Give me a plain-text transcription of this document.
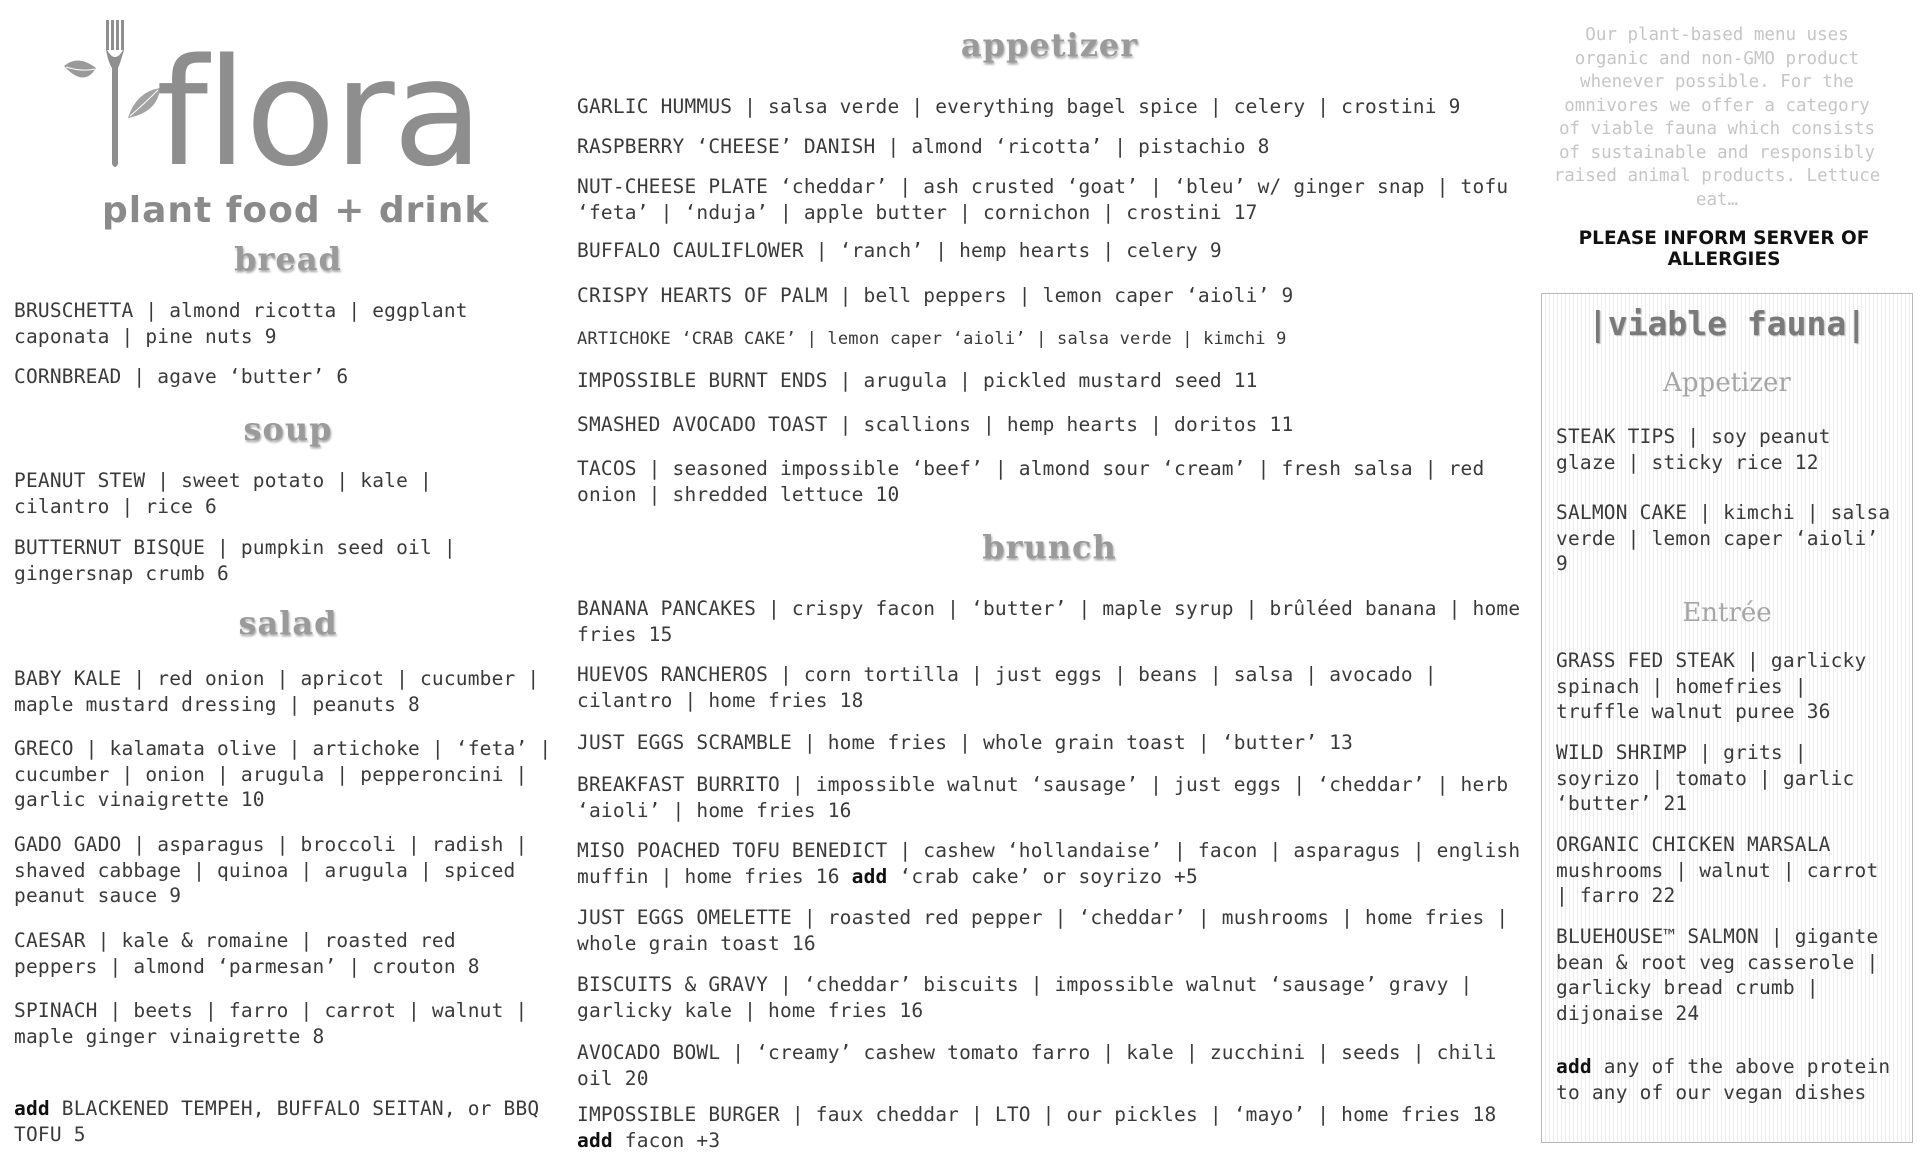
flora
plant food + drink
bread
BRUSCHETTA | almond ricotta | eggplant caponata | pine nuts 9
CORNBREAD | agave ‘butter’ 6
soup
PEANUT STEW | sweet potato | kale | cilantro | rice 6
BUTTERNUT BISQUE | pumpkin seed oil | gingersnap crumb 6
salad
BABY KALE | red onion | apricot | cucumber | maple mustard dressing | peanuts 8
GRECO | kalamata olive | artichoke | ‘feta’ | cucumber | onion | arugula | pepperoncini | garlic vinaigrette 10
GADO GADO | asparagus | broccoli | radish | shaved cabbage | quinoa | arugula | spiced peanut sauce 9
CAESAR | kale & romaine | roasted red peppers | almond ‘parmesan’ | crouton 8
SPINACH | beets | farro | carrot | walnut | maple ginger vinaigrette 8
add BLACKENED TEMPEH, BUFFALO SEITAN, or BBQ TOFU 5
appetizer
GARLIC HUMMUS | salsa verde | everything bagel spice | celery | crostini 9
RASPBERRY ‘CHEESE’ DANISH | almond ‘ricotta’ | pistachio 8
NUT-CHEESE PLATE ‘cheddar’ | ash crusted ‘goat’ | ‘bleu’ w/ ginger snap | tofu ‘feta’ | ‘nduja’ | apple butter | cornichon | crostini 17
BUFFALO CAULIFLOWER | ‘ranch’ | hemp hearts | celery 9
CRISPY HEARTS OF PALM | bell peppers | lemon caper ‘aioli’ 9
ARTICHOKE ‘CRAB CAKE’ | lemon caper ‘aioli’ | salsa verde | kimchi 9
IMPOSSIBLE BURNT ENDS | arugula | pickled mustard seed 11
SMASHED AVOCADO TOAST | scallions | hemp hearts | doritos 11
TACOS | seasoned impossible ‘beef’ | almond sour ‘cream’ | fresh salsa | red onion | shredded lettuce 10
brunch
BANANA PANCAKES | crispy facon | ‘butter’ | maple syrup | brûléed banana | home fries 15
HUEVOS RANCHEROS | corn tortilla | just eggs | beans | salsa | avocado | cilantro | home fries 18
JUST EGGS SCRAMBLE | home fries | whole grain toast | ‘butter’ 13
BREAKFAST BURRITO | impossible walnut ‘sausage’ | just eggs | ‘cheddar’ | herb ‘aioli’ | home fries 16
MISO POACHED TOFU BENEDICT | cashew ‘hollandaise’ | facon | asparagus | english muffin | home fries 16 add ‘crab cake’ or soyrizo +5
JUST EGGS OMELETTE | roasted red pepper | ‘cheddar’ | mushrooms | home fries | whole grain toast 16
BISCUITS & GRAVY | ‘cheddar’ biscuits | impossible walnut ‘sausage’ gravy | garlicky kale | home fries 16
AVOCADO BOWL | ‘creamy’ cashew tomato farro | kale | zucchini | seeds | chili oil 20
IMPOSSIBLE BURGER | faux cheddar | LTO | our pickles | ‘mayo’ | home fries 18 add facon +3
Our plant-based menu uses organic and non-GMO product whenever possible. For the omnivores we offer a category of viable fauna which consists of sustainable and responsibly raised animal products. Lettuce eat…
PLEASE INFORM SERVER OF ALLERGIES
|viable fauna|
Appetizer
STEAK TIPS | soy peanut glaze | sticky rice 12
SALMON CAKE | kimchi | salsa verde | lemon caper ‘aioli’ 9
Entrée
GRASS FED STEAK | garlicky spinach | homefries | truffle walnut puree 36
WILD SHRIMP | grits | soyrizo | tomato | garlic ‘butter’ 21
ORGANIC CHICKEN MARSALA mushrooms | walnut | carrot | farro 22
BLUEHOUSE™ SALMON | gigante bean & root veg casserole | garlicky bread crumb | dijonaise 24
add any of the above protein to any of our vegan dishes
